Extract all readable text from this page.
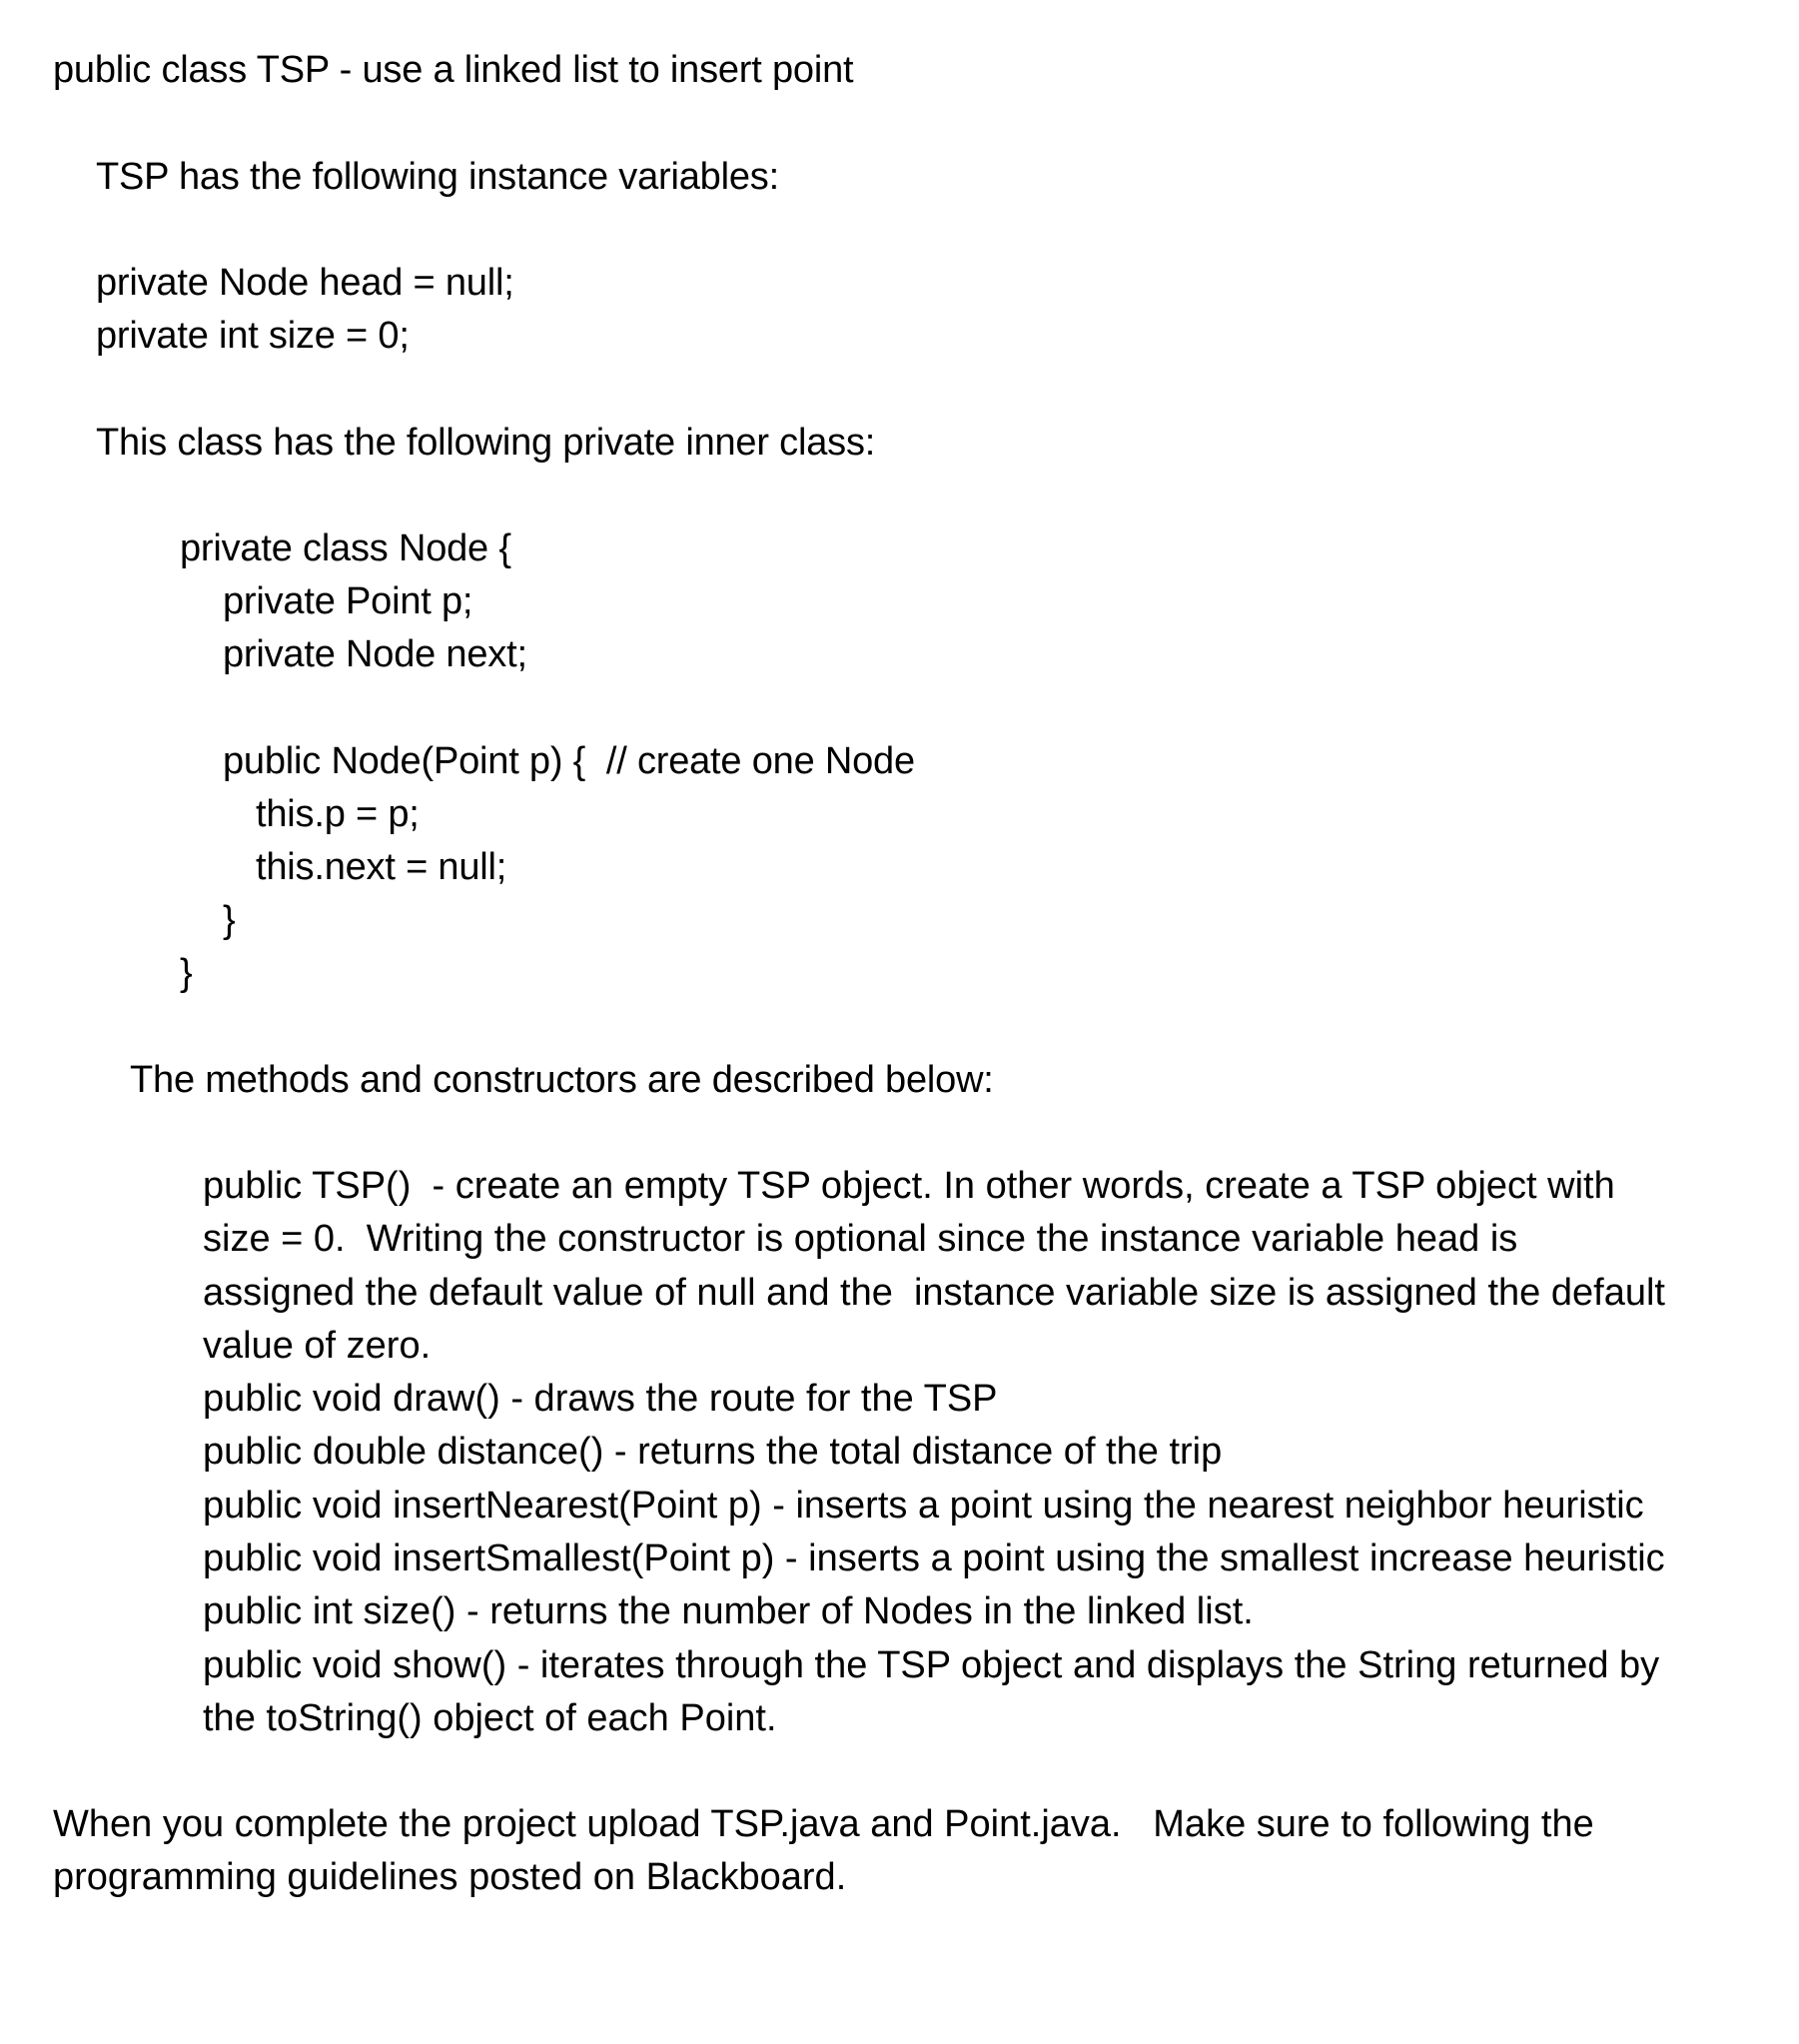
public class TSP - use a linked list to insert point
TSP has the following instance variables:
private Node head = null;
private int size = 0;
This class has the following private inner class:
private class Node {
private Point p;
private Node next;
public Node(Point p) {  // create one Node
this.p = p;
this.next = null;
}
}
The methods and constructors are described below:
public TSP()  - create an empty TSP object. In other words, create a TSP object with
size = 0.  Writing the constructor is optional since the instance variable head is
assigned the default value of null and the  instance variable size is assigned the default
value of zero.
public void draw() - draws the route for the TSP
public double distance() - returns the total distance of the trip
public void insertNearest(Point p) - inserts a point using the nearest neighbor heuristic
public void insertSmallest(Point p) - inserts a point using the smallest increase heuristic
public int size() - returns the number of Nodes in the linked list.
public void show() - iterates through the TSP object and displays the String returned by
the toString() object of each Point.
When you complete the project upload TSP.java and Point.java.   Make sure to following the
programming guidelines posted on Blackboard.
